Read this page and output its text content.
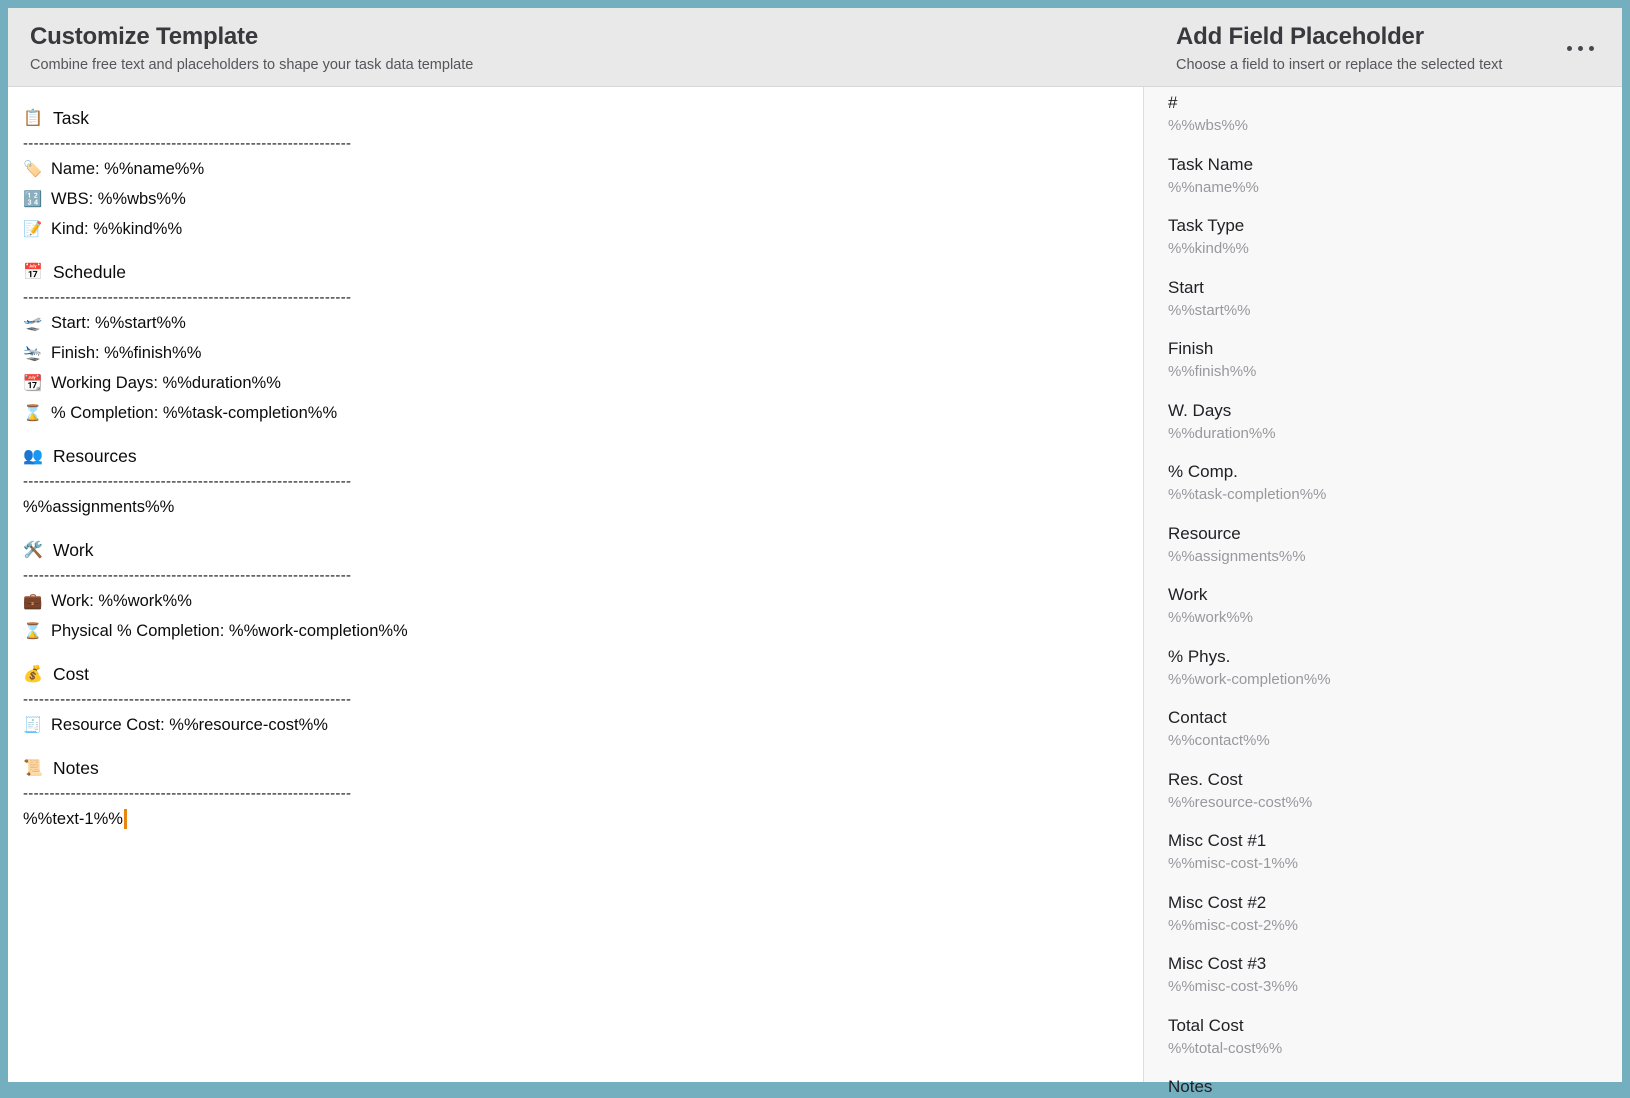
Customize Template
Combine free text and placeholders to shape your task data template
Add Field Placeholder
Choose a field to insert or replace the selected text
📋 Task
--------------------------------------------------------------
🏷️ Name: %%name%%
🔢 WBS: %%wbs%%
📝 Kind: %%kind%%
📅 Schedule
--------------------------------------------------------------
🛫 Start: %%start%%
🛬 Finish: %%finish%%
📆 Working Days: %%duration%%
⌛ % Completion: %%task-completion%%
👥 Resources
--------------------------------------------------------------
%%assignments%%
🛠️ Work
--------------------------------------------------------------
💼 Work: %%work%%
⌛ Physical % Completion: %%work-completion%%
💰 Cost
--------------------------------------------------------------
🧾 Resource Cost: %%resource-cost%%
📜 Notes
--------------------------------------------------------------
%%text-1%%
#
%%wbs%%
Task Name
%%name%%
Task Type
%%kind%%
Start
%%start%%
Finish
%%finish%%
W. Days
%%duration%%
% Comp.
%%task-completion%%
Resource
%%assignments%%
Work
%%work%%
% Phys.
%%work-completion%%
Contact
%%contact%%
Res. Cost
%%resource-cost%%
Misc Cost #1
%%misc-cost-1%%
Misc Cost #2
%%misc-cost-2%%
Misc Cost #3
%%misc-cost-3%%
Total Cost
%%total-cost%%
Notes
